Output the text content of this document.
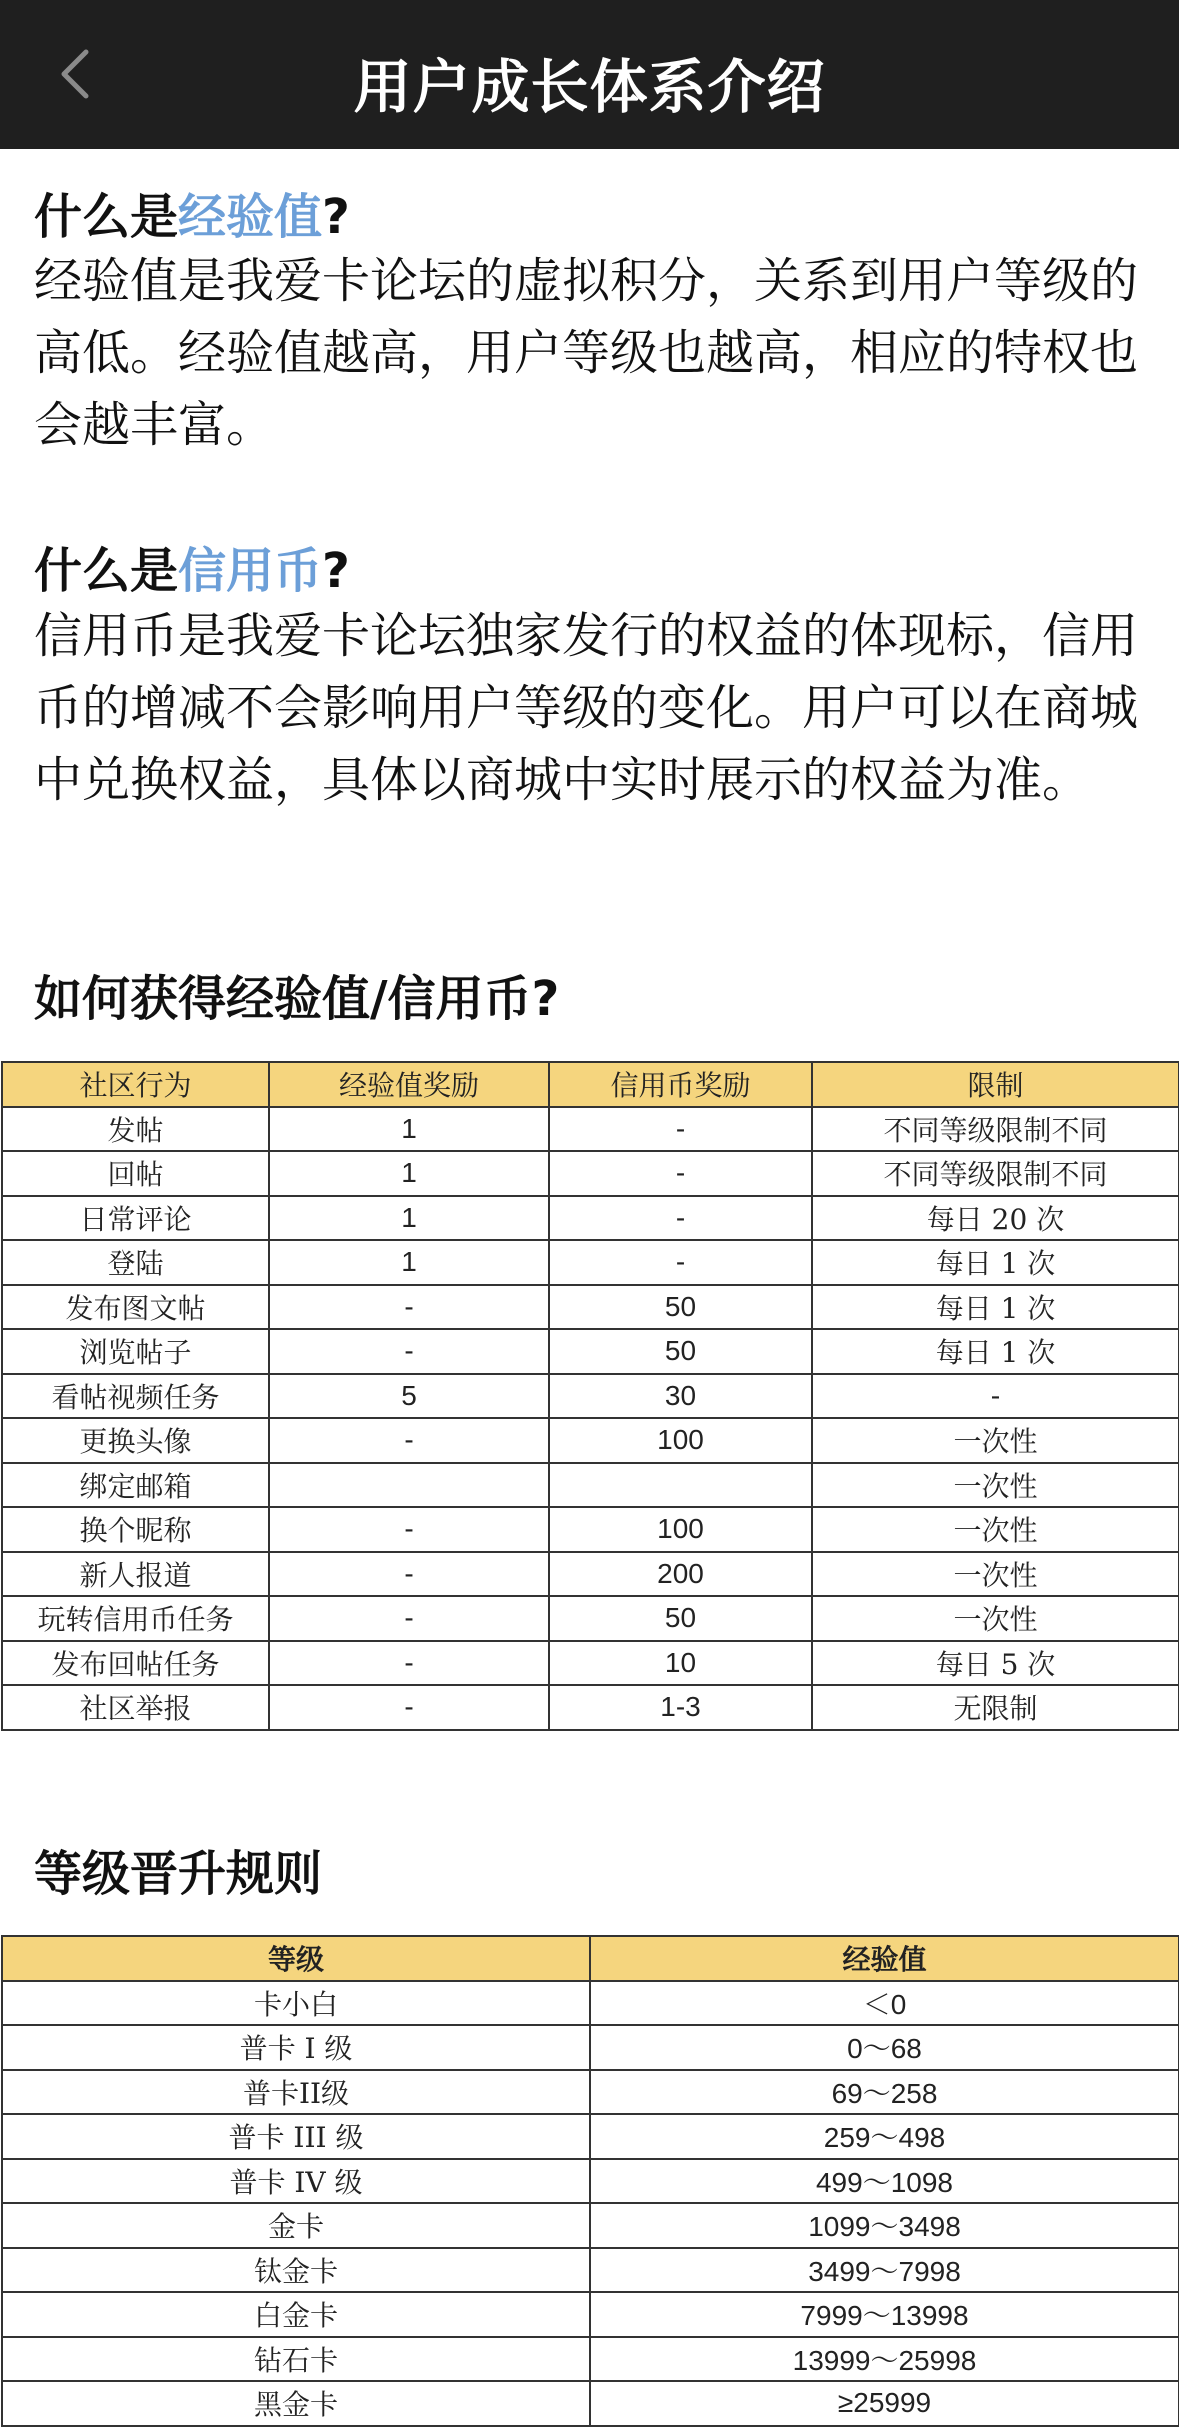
用户成长体系介绍
什么是经验值?
经验值是我爱卡论坛的虚拟积分，关系到用户等级的高低。经验值越高，用户等级也越高，相应的特权也会越丰富。
什么是信用币?
信用币是我爱卡论坛独家发行的权益的体现标，信用币的增减不会影响用户等级的变化。用户可以在商城中兑换权益，具体以商城中实时展示的权益为准。
如何获得经验值/信用币?
社区行为	经验值奖励	信用币奖励	限制
发帖	1	-	不同等级限制不同
回帖	1	-	不同等级限制不同
日常评论	1	-	每日 20 次
登陆	1	-	每日 1 次
发布图文帖	-	50	每日 1 次
浏览帖子	-	50	每日 1 次
看帖视频任务	5	30	-
更换头像	-	100	一次性
绑定邮箱			一次性
换个昵称	-	100	一次性
新人报道	-	200	一次性
玩转信用币任务	-	50	一次性
发布回帖任务	-	10	每日 5 次
社区举报	-	1-3	无限制
等级晋升规则
等级	经验值
卡小白	＜0
普卡 I 级	0～68
普卡II级	69～258
普卡 III 级	259～498
普卡 IV 级	499～1098
金卡	1099～3498
钛金卡	3499～7998
白金卡	7999～13998
钻石卡	13999～25998
黑金卡	≥25999
